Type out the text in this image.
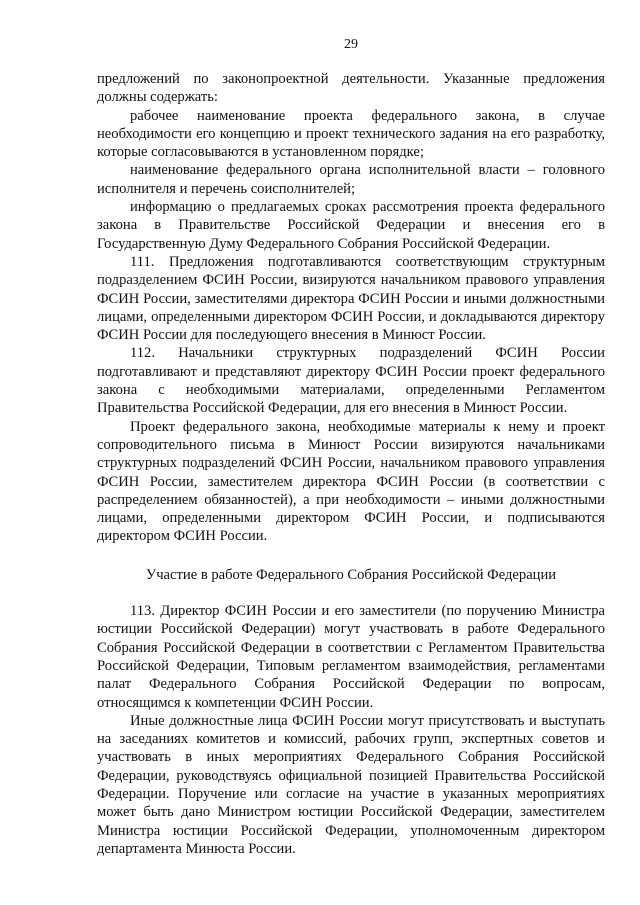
29

предложений по законопроектной деятельности. Указанные предложения должны содержать:

рабочее наименование проекта федерального закона, в случае необходимости его концепцию и проект технического задания на его разработку, которые согласовываются в установленном порядке;

наименование федерального органа исполнительной власти – головного исполнителя и перечень соисполнителей;

информацию о предлагаемых сроках рассмотрения проекта федерального закона в Правительстве Российской Федерации и внесения его в Государственную Думу Федерального Собрания Российской Федерации.

111. Предложения подготавливаются соответствующим структурным подразделением ФСИН России, визируются начальником правового управления ФСИН России, заместителями директора ФСИН России и иными должностными лицами, определенными директором ФСИН России, и докладываются директору ФСИН России для последующего внесения в Минюст России.

112. Начальники структурных подразделений ФСИН России подготавливают и представляют директору ФСИН России проект федерального закона с необходимыми материалами, определенными Регламентом Правительства Российской Федерации, для его внесения в Минюст России.

Проект федерального закона, необходимые материалы к нему и проект сопроводительного письма в Минюст России визируются начальниками структурных подразделений ФСИН России, начальником правового управления ФСИН России, заместителем директора ФСИН России (в соответствии с распределением обязанностей), а при необходимости – иными должностными лицами, определенными директором ФСИН России, и подписываются директором ФСИН России.

Участие в работе Федерального Собрания Российской Федерации

113. Директор ФСИН России и его заместители (по поручению Министра юстиции Российской Федерации) могут участвовать в работе Федерального Собрания Российской Федерации в соответствии с Регламентом Правительства Российской Федерации, Типовым регламентом взаимодействия, регламентами палат Федерального Собрания Российской Федерации по вопросам, относящимся к компетенции ФСИН России.

Иные должностные лица ФСИН России могут присутствовать и выступать на заседаниях комитетов и комиссий, рабочих групп, экспертных советов и участвовать в иных мероприятиях Федерального Собрания Российской Федерации, руководствуясь официальной позицией Правительства Российской Федерации. Поручение или согласие на участие в указанных мероприятиях может быть дано Министром юстиции Российской Федерации, заместителем Министра юстиции Российской Федерации, уполномоченным директором департамента Минюста России.
